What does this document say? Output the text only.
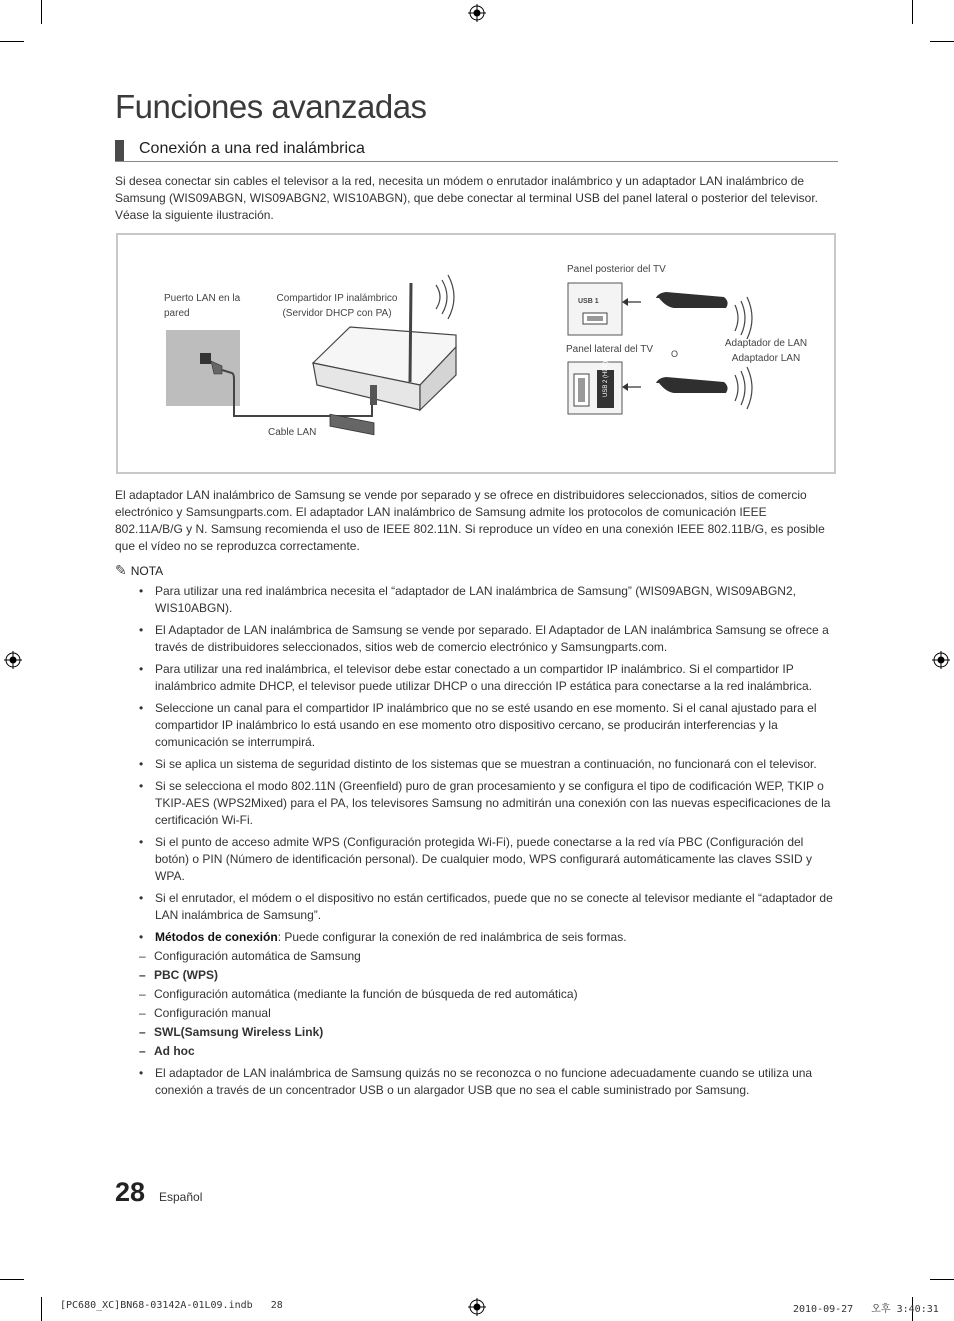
Funciones avanzadas
Conexión a una red inalámbrica
Si desea conectar sin cables el televisor a la red, necesita un módem o enrutador inalámbrico y un adaptador LAN inalámbrico de Samsung (WIS09ABGN, WIS09ABGN2, WIS10ABGN), que debe conectar al terminal USB del panel lateral o posterior del televisor. Véase la siguiente ilustración.
Puerto LAN en la pared
Compartidor IP inalámbrico (Servidor DHCP con PA)
Cable LAN
Panel posterior del TV
Panel lateral del TV O
Adaptador de LAN
Adaptador LAN
USB 1
USB 2 (HDD)
El adaptador LAN inalámbrico de Samsung se vende por separado y se ofrece en distribuidores seleccionados, sitios de comercio electrónico y Samsungparts.com. El adaptador LAN inalámbrico de Samsung admite los protocolos de comunicación IEEE 802.11A/B/G y N. Samsung recomienda el uso de IEEE 802.11N. Si reproduce un vídeo en una conexión IEEE 802.11B/G, es posible que el vídeo no se reproduzca correctamente.
✎ NOTA
• Para utilizar una red inalámbrica necesita el “adaptador de LAN inalámbrica de Samsung” (WIS09ABGN, WIS09ABGN2, WIS10ABGN).
• El Adaptador de LAN inalámbrica de Samsung se vende por separado. El Adaptador de LAN inalámbrica Samsung se ofrece a través de distribuidores seleccionados, sitios web de comercio electrónico y Samsungparts.com.
• Para utilizar una red inalámbrica, el televisor debe estar conectado a un compartidor IP inalámbrico. Si el compartidor IP inalámbrico admite DHCP, el televisor puede utilizar DHCP o una dirección IP estática para conectarse a la red inalámbrica.
• Seleccione un canal para el compartidor IP inalámbrico que no se esté usando en ese momento. Si el canal ajustado para el compartidor IP inalámbrico lo está usando en ese momento otro dispositivo cercano, se producirán interferencias y la comunicación se interrumpirá.
• Si se aplica un sistema de seguridad distinto de los sistemas que se muestran a continuación, no funcionará con el televisor.
• Si se selecciona el modo 802.11N (Greenfield) puro de gran procesamiento y se configura el tipo de codificación WEP, TKIP o TKIP-AES (WPS2Mixed) para el PA, los televisores Samsung no admitirán una conexión con las nuevas especificaciones de la certificación Wi-Fi.
• Si el punto de acceso admite WPS (Configuración protegida Wi-Fi), puede conectarse a la red vía PBC (Configuración del botón) o PIN (Número de identificación personal). De cualquier modo, WPS configurará automáticamente las claves SSID y WPA.
• Si el enrutador, el módem o el dispositivo no están certificados, puede que no se conecte al televisor mediante el “adaptador de LAN inalámbrica de Samsung”.
• Métodos de conexión: Puede configurar la conexión de red inalámbrica de seis formas.
– Configuración automática de Samsung
– PBC (WPS)
– Configuración automática (mediante la función de búsqueda de red automática)
– Configuración manual
– SWL(Samsung Wireless Link)
– Ad hoc
• El adaptador de LAN inalámbrica de Samsung quizás no se reconozca o no funcione adecuadamente cuando se utiliza una conexión a través de un concentrador USB o un alargador USB que no sea el cable suministrado por Samsung.
28 Español
[PC680_XC]BN68-03142A-01L09.indb   28	2010-09-27   오후 3:40:31
